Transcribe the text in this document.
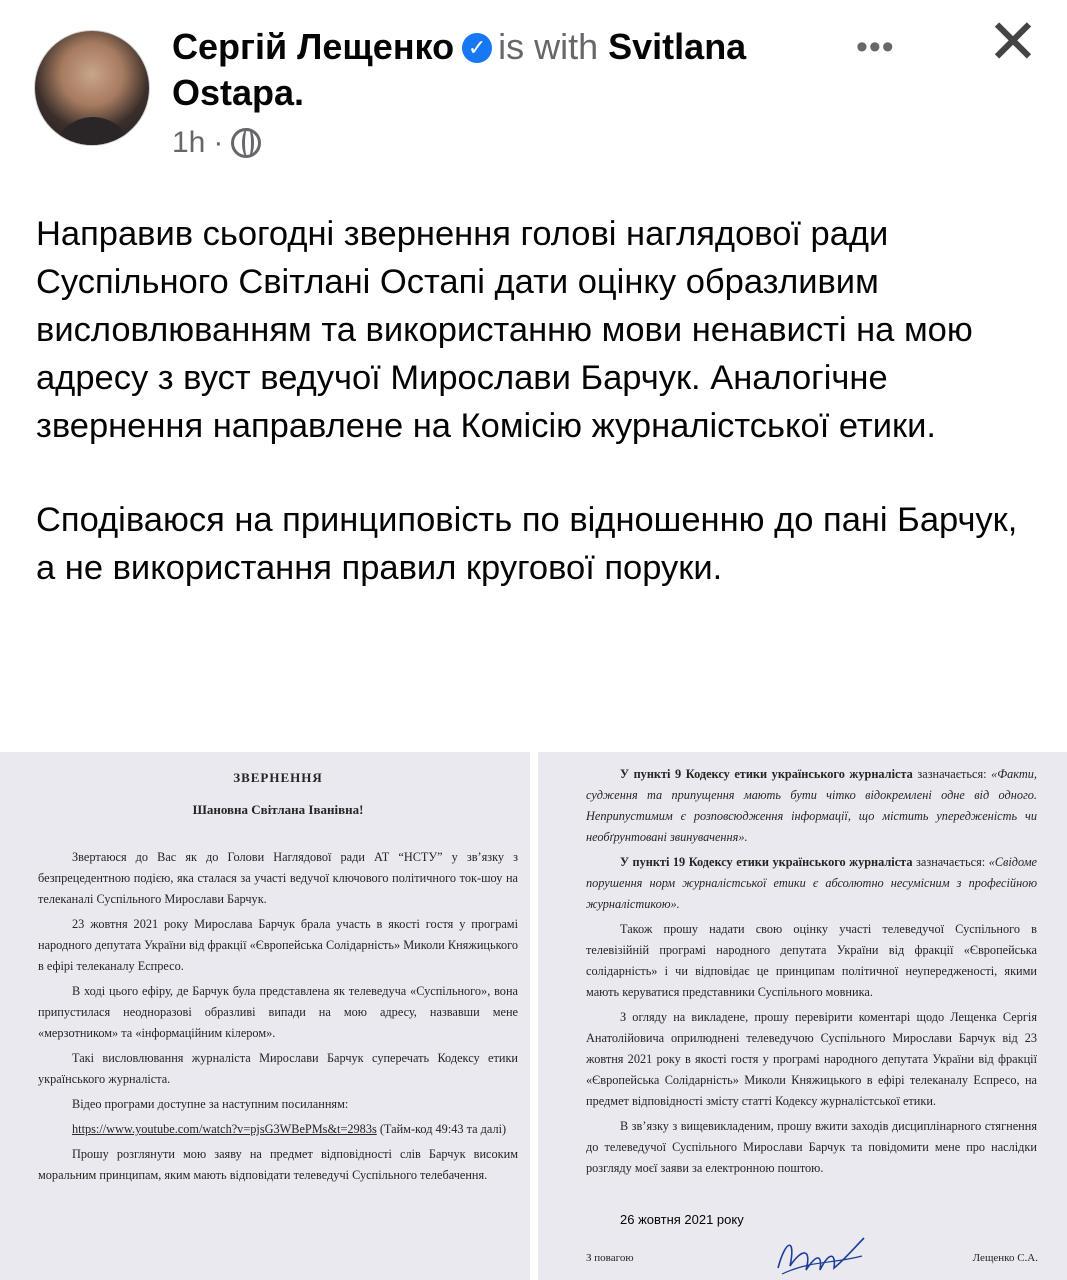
Сергій Лещенко ✓ is with Svitlana
Ostapa.
1h ·
••• ✕

Направив сьогодні звернення голові наглядової ради Суспільного Світлані Остапі дати оцінку образливим висловлюванням та використанню мови ненависті на мою адресу з вуст ведучої Мирослави Барчук. Аналогічне звернення направлене на Комісію журналістської етики.

Сподіваюся на принциповість по відношенню до пані Барчук, а не використання правил кругової поруки.

ЗВЕРНЕННЯ
Шановна Світлана Іванівна!

Звертаюся до Вас як до Голови Наглядової ради АТ “НСТУ” у зв’язку з безпрецедентною подією, яка сталася за участі ведучої ключового політичного ток-шоу на телеканалі Суспільного Мирослави Барчук.

23 жовтня 2021 року Мирослава Барчук брала участь в якості гостя у програмі народного депутата України від фракції «Європейська Солідарність» Миколи Княжицького в ефірі телеканалу Еспресо.

В ході цього ефіру, де Барчук була представлена як телеведуча «Суспільного», вона припустилася неодноразові образливі випади на мою адресу, назвавши мене «мерзотником» та «інформаційним кілером».

Такі висловлювання журналіста Мирослави Барчук суперечать Кодексу етики українського журналіста.

Відео програми доступне за наступним посиланням:

https://www.youtube.com/watch?v=pjsG3WBePMs&t=2983s (Тайм-код 49:43 та далі)

Прошу розглянути мою заяву на предмет відповідності слів Барчук високим моральним принципам, яким мають відповідати телеведучі Суспільного телебачення.

У пункті 9 Кодексу етики українського журналіста зазначається: «Факти, судження та припущення мають бути чітко відокремлені одне від одного. Неприпустимим є розповсюдження інформації, що містить упередженість чи необґрунтовані звинувачення».

У пункті 19 Кодексу етики українського журналіста зазначається: «Свідоме порушення норм журналістської етики є абсолютно несумісним з професійною журналістикою».

Також прошу надати свою оцінку участі телеведучої Суспільного в телевізійній програмі народного депутата України від фракції «Європейська солідарність» і чи відповідає це принципам політичної неупередженості, якими мають керуватися представники Суспільного мовника.

З огляду на викладене, прошу перевірити коментарі щодо Лещенка Сергія Анатолійовича оприлюднені телеведучою Суспільного Мирослави Барчук від 23 жовтня 2021 року в якості гостя у програмі народного депутата України від фракції «Європейська Солідарність» Миколи Княжицького в ефірі телеканалу Еспресо, на предмет відповідності змісту статті Кодексу журналістської етики.

В зв’язку з вищевикладеним, прошу вжити заходів дисциплінарного стягнення до телеведучої Суспільного Мирослави Барчук та повідомити мене про наслідки розгляду моєї заяви за електронною поштою.

З повагою	Лещенко С.А.
26 жовтня 2021 року
